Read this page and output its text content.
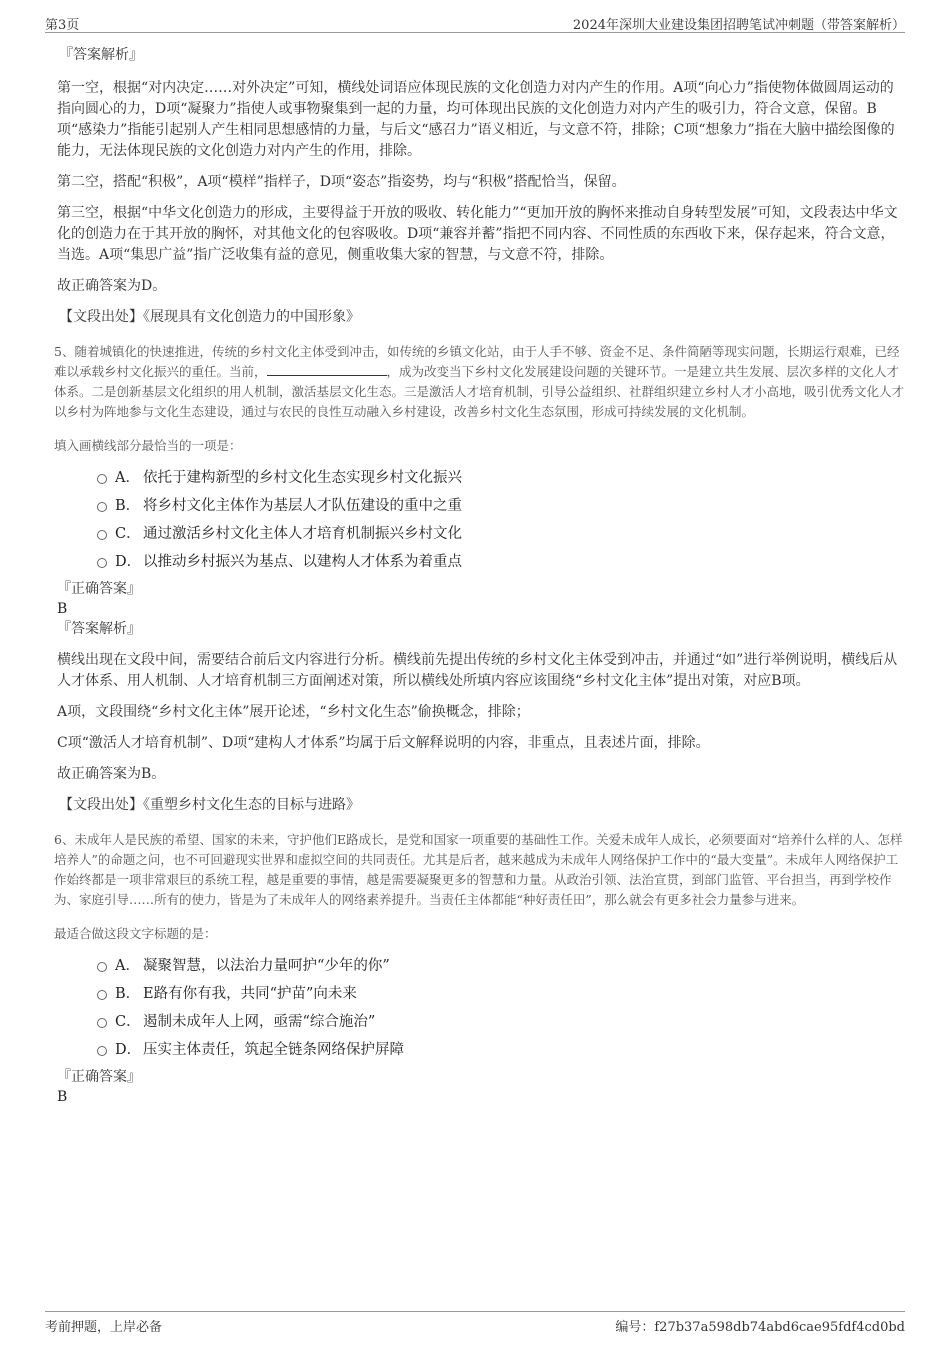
第3页	2024年深圳大业建设集团招聘笔试冲刺题（带答案解析）
『答案解析』

第一空，根据“对内决定……对外决定”可知，横线处词语应体现民族的文化创造力对内产生的作用。A项“向心力”指使物体做圆周运动的指向圆心的力，D项“凝聚力”指使人或事物聚集到一起的力量，均可体现出民族的文化创造力对内产生的吸引力，符合文意，保留。B项“感染力”指能引起别人产生相同思想感情的力量，与后文“感召力”语义相近，与文意不符，排除；C项“想象力”指在大脑中描绘图像的能力，无法体现民族的文化创造力对内产生的作用，排除。

第二空，搭配“积极”，A项“模样”指样子，D项“姿态”指姿势，均与“积极”搭配恰当，保留。

第三空，根据“中华文化创造力的形成，主要得益于开放的吸收、转化能力”“更加开放的胸怀来推动自身转型发展”可知，文段表达中华文化的创造力在于其开放的胸怀，对其他文化的包容吸收。D项“兼容并蓄”指把不同内容、不同性质的东西收下来，保存起来，符合文意，当选。A项“集思广益”指广泛收集有益的意见，侧重收集大家的智慧，与文意不符，排除。

故正确答案为D。

【文段出处】《展现具有文化创造力的中国形象》

5、随着城镇化的快速推进，传统的乡村文化主体受到冲击，如传统的乡镇文化站，由于人手不够、资金不足、条件简陋等现实问题，长期运行艰难，已经难以承载乡村文化振兴的重任。当前，	，成为改变当下乡村文化发展建设问题的关键环节。一是建立共生发展、层次多样的文化人才体系。二是创新基层文化组织的用人机制，激活基层文化生态。三是激活人才培育机制，引导公益组织、社群组织建立乡村人才小高地，吸引优秀文化人才以乡村为阵地参与文化生态建设，通过与农民的良性互动融入乡村建设，改善乡村文化生态氛围，形成可持续发展的文化机制。

填入画横线部分最恰当的一项是：

A． 依托于建构新型的乡村文化生态实现乡村文化振兴
B． 将乡村文化主体作为基层人才队伍建设的重中之重
C． 通过激活乡村文化主体人才培育机制振兴乡村文化
D． 以推动乡村振兴为基点、以建构人才体系为着重点
『正确答案』
B
『答案解析』

横线出现在文段中间，需要结合前后文内容进行分析。横线前先提出传统的乡村文化主体受到冲击，并通过“如”进行举例说明，横线后从人才体系、用人机制、人才培育机制三方面阐述对策，所以横线处所填内容应该围绕“乡村文化主体”提出对策，对应B项。

A项，文段围绕“乡村文化主体”展开论述，“乡村文化生态”偷换概念，排除；

C项“激活人才培育机制”、D项“建构人才体系”均属于后文解释说明的内容，非重点，且表述片面，排除。

故正确答案为B。

【文段出处】《重塑乡村文化生态的目标与进路》

6、未成年人是民族的希望、国家的未来，守护他们E路成长，是党和国家一项重要的基础性工作。关爱未成年人成长，必须要面对“培养什么样的人、怎样培养人”的命题之问，也不可回避现实世界和虚拟空间的共同责任。尤其是后者，越来越成为未成年人网络保护工作中的“最大变量”。未成年人网络保护工作始终都是一项非常艰巨的系统工程，越是重要的事情，越是需要凝聚更多的智慧和力量。从政治引领、法治宣贯，到部门监管、平台担当，再到学校作为、家庭引导……所有的使力，皆是为了未成年人的网络素养提升。当责任主体都能“种好责任田”，那么就会有更多社会力量参与进来。

最适合做这段文字标题的是：

A． 凝聚智慧，以法治力量呵护“少年的你”
B． E路有你有我，共同“护苗”向未来
C． 遏制未成年人上网，亟需“综合施治”
D． 压实主体责任，筑起全链条网络保护屏障
『正确答案』
B
考前押题，上岸必备	编号：f27b37a598db74abd6cae95fdf4cd0bd
